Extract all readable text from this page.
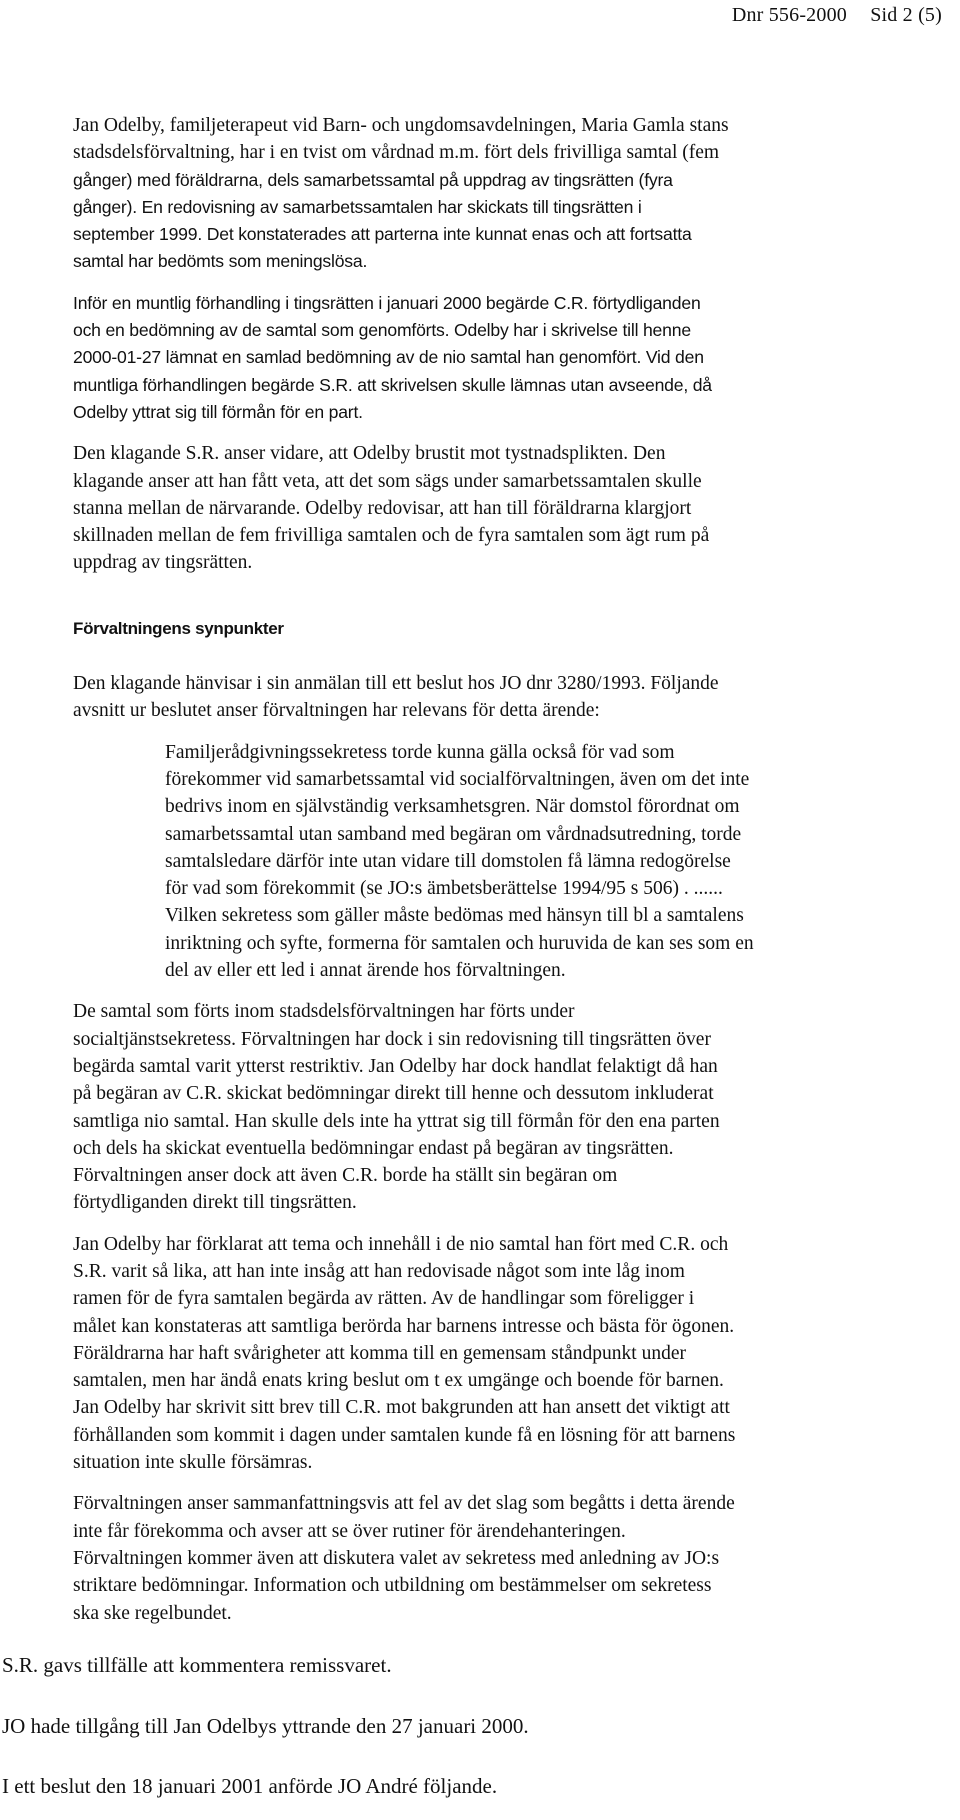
Dnr 556-2000 Sid 2 (5)

Jan Odelby, familjeterapeut vid Barn- och ungdomsavdelningen, Maria Gamla stans
stadsdelsförvaltning, har i en tvist om vårdnad m.m. fört dels frivilliga samtal (fem
gånger) med föräldrarna, dels samarbetssamtal på uppdrag av tingsrätten (fyra
gånger). En redovisning av samarbetssamtalen har skickats till tingsrätten i
september 1999. Det konstaterades att parterna inte kunnat enas och att fortsatta
samtal har bedömts som meningslösa.

Inför en muntlig förhandling i tingsrätten i januari 2000 begärde C.R. förtydliganden
och en bedömning av de samtal som genomförts. Odelby har i skrivelse till henne
2000-01-27 lämnat en samlad bedömning av de nio samtal han genomfört. Vid den
muntliga förhandlingen begärde S.R. att skrivelsen skulle lämnas utan avseende, då
Odelby yttrat sig till förmån för en part.

Den klagande S.R. anser vidare, att Odelby brustit mot tystnadsplikten. Den
klagande anser att han fått veta, att det som sägs under samarbetssamtalen skulle
stanna mellan de närvarande. Odelby redovisar, att han till föräldrarna klargjort
skillnaden mellan de fem frivilliga samtalen och de fyra samtalen som ägt rum på
uppdrag av tingsrätten.

Förvaltningens synpunkter

Den klagande hänvisar i sin anmälan till ett beslut hos JO dnr 3280/1993. Följande
avsnitt ur beslutet anser förvaltningen har relevans för detta ärende:

Familjerådgivningssekretess torde kunna gälla också för vad som
förekommer vid samarbetssamtal vid socialförvaltningen, även om det inte
bedrivs inom en självständig verksamhetsgren. När domstol förordnat om
samarbetssamtal utan samband med begäran om vårdnadsutredning, torde
samtalsledare därför inte utan vidare till domstolen få lämna redogörelse
för vad som förekommit (se JO:s ämbetsberättelse 1994/95 s 506) . ......
Vilken sekretess som gäller måste bedömas med hänsyn till bl a samtalens
inriktning och syfte, formerna för samtalen och huruvida de kan ses som en
del av eller ett led i annat ärende hos förvaltningen.

De samtal som förts inom stadsdelsförvaltningen har förts under
socialtjänstsekretess. Förvaltningen har dock i sin redovisning till tingsrätten över
begärda samtal varit ytterst restriktiv. Jan Odelby har dock handlat felaktigt då han
på begäran av C.R. skickat bedömningar direkt till henne och dessutom inkluderat
samtliga nio samtal. Han skulle dels inte ha yttrat sig till förmån för den ena parten
och dels ha skickat eventuella bedömningar endast på begäran av tingsrätten.
Förvaltningen anser dock att även C.R. borde ha ställt sin begäran om
förtydliganden direkt till tingsrätten.

Jan Odelby har förklarat att tema och innehåll i de nio samtal han fört med C.R. och
S.R. varit så lika, att han inte insåg att han redovisade något som inte låg inom
ramen för de fyra samtalen begärda av rätten. Av de handlingar som föreligger i
målet kan konstateras att samtliga berörda har barnens intresse och bästa för ögonen.
Föräldrarna har haft svårigheter att komma till en gemensam ståndpunkt under
samtalen, men har ändå enats kring beslut om t ex umgänge och boende för barnen.
Jan Odelby har skrivit sitt brev till C.R. mot bakgrunden att han ansett det viktigt att
förhållanden som kommit i dagen under samtalen kunde få en lösning för att barnens
situation inte skulle försämras.

Förvaltningen anser sammanfattningsvis att fel av det slag som begåtts i detta ärende
inte får förekomma och avser att se över rutiner för ärendehanteringen.
Förvaltningen kommer även att diskutera valet av sekretess med anledning av JO:s
striktare bedömningar. Information och utbildning om bestämmelser om sekretess
ska ske regelbundet.

S.R. gavs tillfälle att kommentera remissvaret.

JO hade tillgång till Jan Odelbys yttrande den 27 januari 2000.

I ett beslut den 18 januari 2001 anförde JO André följande.
